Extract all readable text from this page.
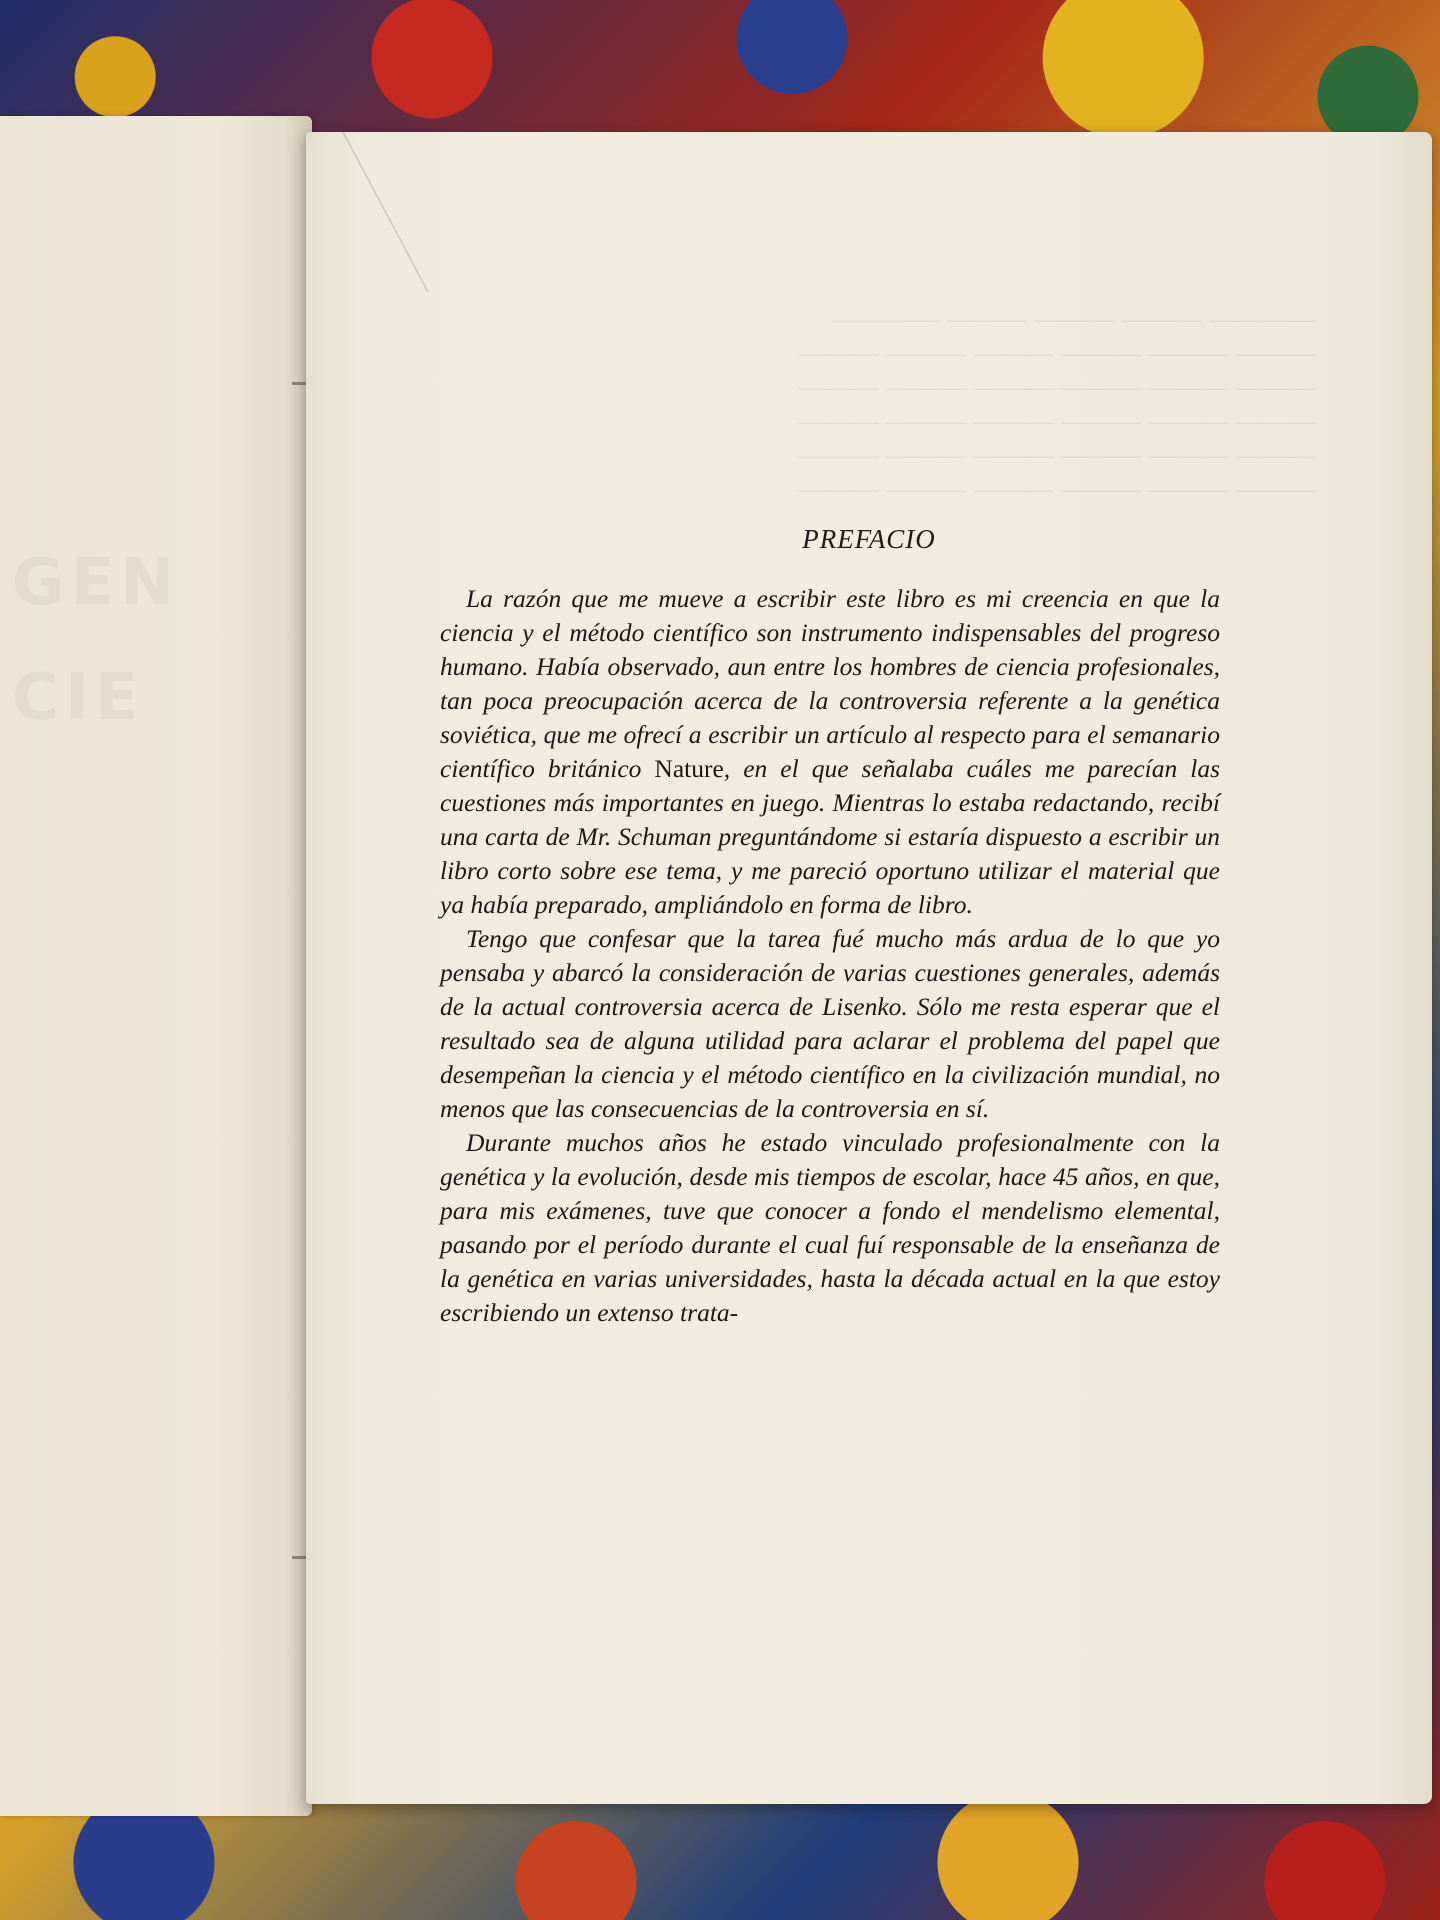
GEN
CIE
———— ——— ——— ——— ————
——— ——— ——— ——— ——— ———
——— ——— ——— ——— ——— ———
——— ——— ——— ——— ——— ———
——— ——— ——— ——— ——— ———
——— ——— ——— ——— ——— ———
PREFACIO

La razón que me mueve a escribir este libro es mi creencia en que la ciencia y el método científico son instrumento indispensables del progreso humano. Había observado, aun entre los hombres de ciencia profesionales, tan poca preocupación acerca de la controversia referente a la genética soviética, que me ofrecí a escribir un artículo al respecto para el semanario científico británico Nature, en el que señalaba cuáles me parecían las cuestiones más importantes en juego. Mientras lo estaba redactando, recibí una carta de Mr. Schuman preguntándome si estaría dispuesto a escribir un libro corto sobre ese tema, y me pareció oportuno utilizar el material que ya había preparado, ampliándolo en forma de libro.

Tengo que confesar que la tarea fué mucho más ardua de lo que yo pensaba y abarcó la consideración de varias cuestiones generales, además de la actual controversia acerca de Lisenko. Sólo me resta esperar que el resultado sea de alguna utilidad para aclarar el problema del papel que desempeñan la ciencia y el método científico en la civilización mundial, no menos que las consecuencias de la controversia en sí.

Durante muchos años he estado vinculado profesionalmente con la genética y la evolución, desde mis tiempos de escolar, hace 45 años, en que, para mis exámenes, tuve que conocer a fondo el mendelismo elemental, pasando por el período durante el cual fuí responsable de la enseñanza de la genética en varias universidades, hasta la década actual en la que estoy escribiendo un extenso trata-
